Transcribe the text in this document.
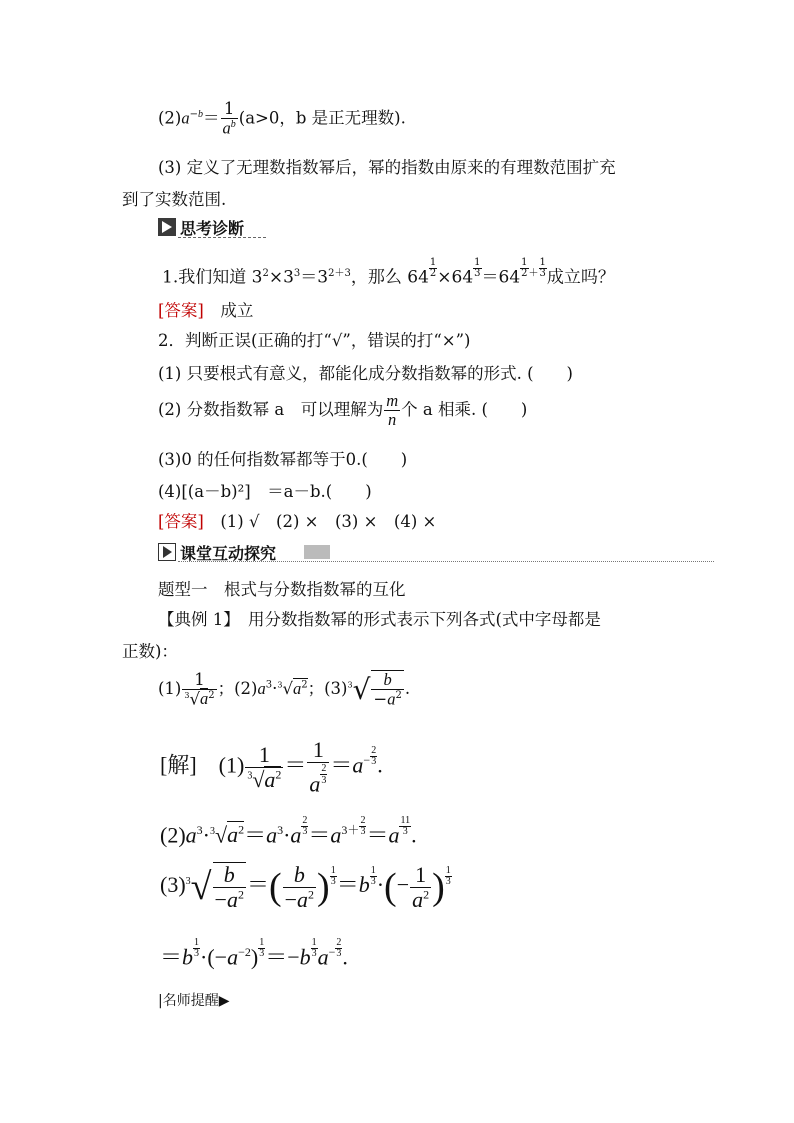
$(2)a^{-b}= \frac{1}{a^b} (a>0$，b 是正无理数).
(3) 定义了无理数指数幂后，幂的指数由原来的有理数范围扩充
到了实数范围.
思考诊断
1.我们知道 $3^2\times 3^3=3^{2+3}$，那么 $64 \frac{1}{2} \times 64 \frac{1}{3} =64 \frac{1}{2} ^+ \frac{1}{3}$ 成立吗？
[答案]　 成立
2．判断正误(正确的打“√”，错误的打“×”)
(1) 只要根式有意义，都能化成分数指数幂的形式. (　　)
(2) 分数指数幂 a　 可以理解为 $\frac{m}{n}$ 个 a 相乘. (　　)
(3)0 的任何指数幂都等于0.(　　)
(4)[(a－b)²]　＝a－b.(　　)
[答案]　 (1) √　(2) ×　(3) ×　(4) ×
课堂互动探究
题型一　根式与分数指数幂的互化
【典例 1】　 用分数指数幂的形式表示下列各式(式中字母都是
正数)：
$(1) \frac{1}{^3√a^2}$ ；$(2)a^3\cdot^3√a^2$；$(3)^3√ \frac{b}{-a^2}$ .
[解]　$(1) \frac{1}{^3√a^2} = \frac{1}{a \frac{2}{3}} =a^- \frac{2}{3}$ .
$(2)a^3\cdot^3√a^2=a^3\cdot a \frac{2}{3} =a^{3+} \frac{2}{3} =a \frac{11}{3}$ .
$(3)^3√ \frac{b}{-a^2}$ ＝( $\frac{b}{-a^2}$ ) $\frac{1}{3} =b \frac{1}{3}$ ·(− $\frac{1}{a^2}$ ) $\frac{1}{3}$
$=b \frac{1}{3} \cdot(-a^{-2}) \frac{1}{3} =-b \frac{1}{3} a^- \frac{2}{3}$ .
|名师提醒▶
